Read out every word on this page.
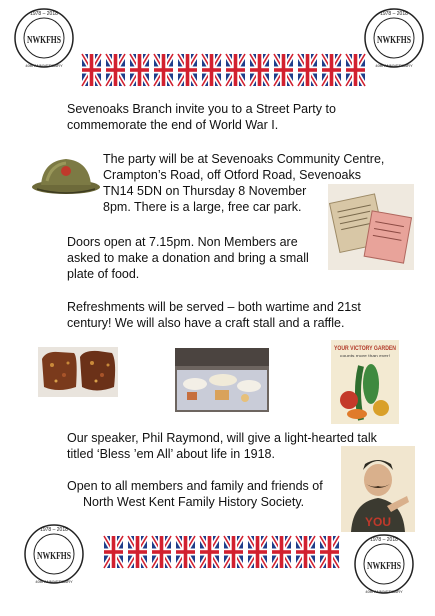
NWKFHS
1978 – 2018
40th ANNIVERSARY
NWKFHS
1978 – 2018
40th ANNIVERSARY

Sevenoaks Branch invite you to a Street Party to
commemorate the end of World War I.

The party will be at Sevenoaks Community Centre,
Crampton’s Road, off Otford Road, Sevenoaks
TN14 5DN on Thursday 8 November
8pm. There is a large, free car park.

Doors open at 7.15pm. Non Members are
asked to make a donation and bring a small
plate of food.

Refreshments will be served – both wartime and 21st
century! We will also have a craft stall and a raffle.

YOUR VICTORY GARDEN
counts more than ever!

Our speaker, Phil Raymond, will give a light-hearted talk
titled ‘Bless ’em All’ about life in 1918.

YOU

Open to all members and family and friends of
North West Kent Family History Society.

NWKFHS
1978 – 2018
40th ANNIVERSARY
NWKFHS
1978 – 2018
40th ANNIVERSARY
